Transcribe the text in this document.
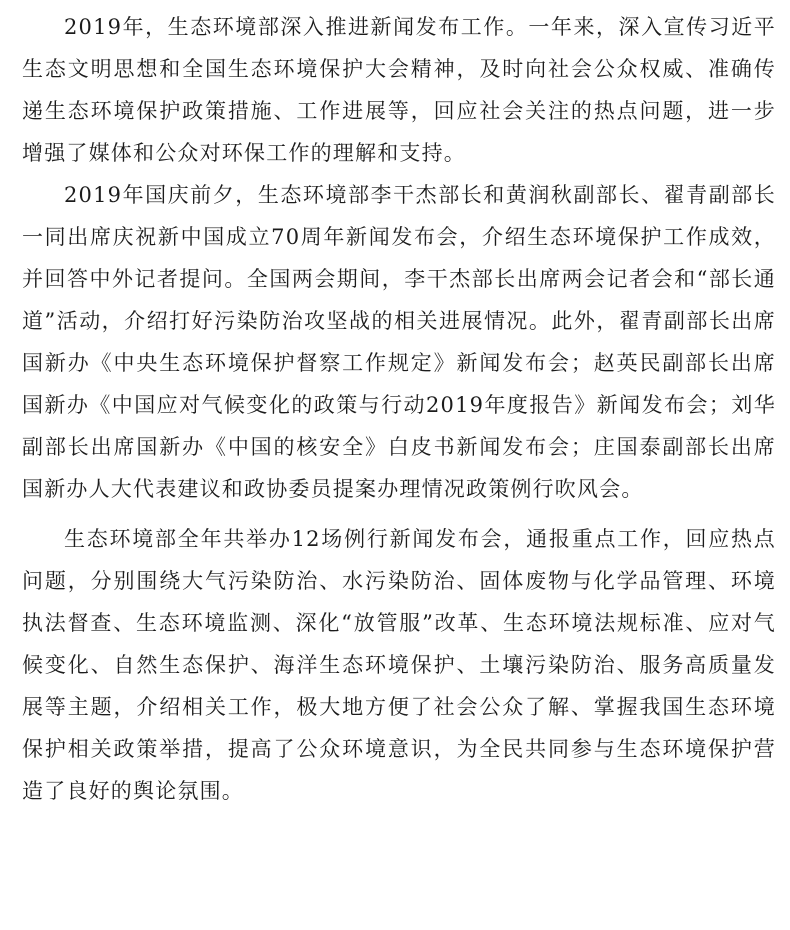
2019年，生态环境部深入推进新闻发布工作。一年来，深入宣传习近平生态文明思想和全国生态环境保护大会精神，及时向社会公众权威、准确传递生态环境保护政策措施、工作进展等，回应社会关注的热点问题，进一步增强了媒体和公众对环保工作的理解和支持。

2019年国庆前夕，生态环境部李干杰部长和黄润秋副部长、翟青副部长一同出席庆祝新中国成立70周年新闻发布会，介绍生态环境保护工作成效，并回答中外记者提问。全国两会期间，李干杰部长出席两会记者会和“部长通道”活动，介绍打好污染防治攻坚战的相关进展情况。此外，翟青副部长出席国新办《中央生态环境保护督察工作规定》新闻发布会；赵英民副部长出席国新办《中国应对气候变化的政策与行动2019年度报告》新闻发布会；刘华副部长出席国新办《中国的核安全》白皮书新闻发布会；庄国泰副部长出席国新办人大代表建议和政协委员提案办理情况政策例行吹风会。

生态环境部全年共举办12场例行新闻发布会，通报重点工作，回应热点问题，分别围绕大气污染防治、水污染防治、固体废物与化学品管理、环境执法督查、生态环境监测、深化“放管服”改革、生态环境法规标准、应对气候变化、自然生态保护、海洋生态环境保护、土壤污染防治、服务高质量发展等主题，介绍相关工作，极大地方便了社会公众了解、掌握我国生态环境保护相关政策举措，提高了公众环境意识，为全民共同参与生态环境保护营造了良好的舆论氛围。
